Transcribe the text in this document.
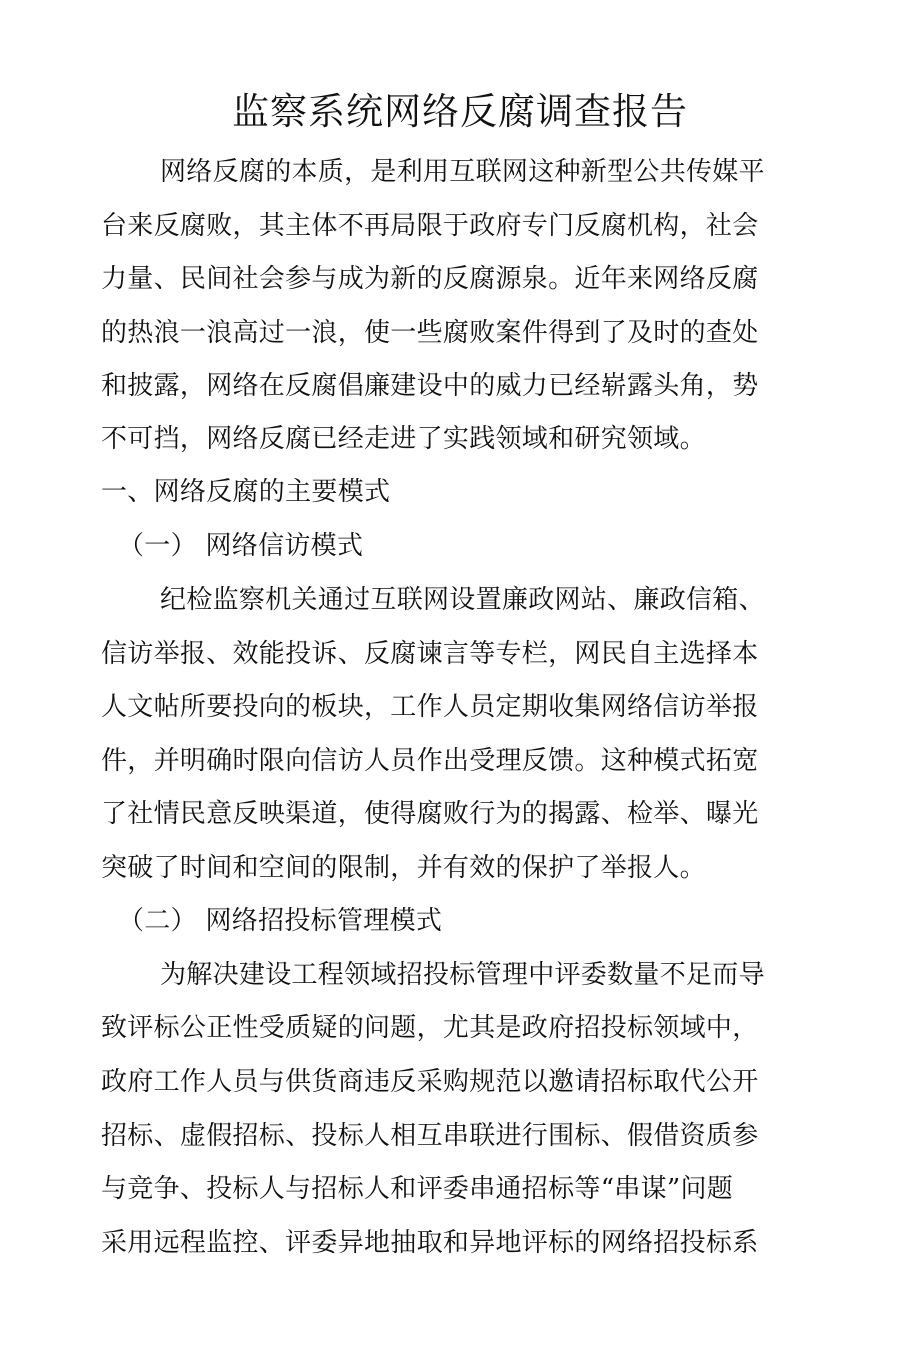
监察系统网络反腐调查报告
网络反腐的本质，是利用互联网这种新型公共传媒平
台来反腐败，其主体不再局限于政府专门反腐机构，社会
力量、民间社会参与成为新的反腐源泉。近年来网络反腐
的热浪一浪高过一浪，使一些腐败案件得到了及时的查处
和披露，网络在反腐倡廉建设中的威力已经崭露头角，势
不可挡，网络反腐已经走进了实践领域和研究领域。
一、网络反腐的主要模式
（一） 网络信访模式
纪检监察机关通过互联网设置廉政网站、廉政信箱、
信访举报、效能投诉、反腐谏言等专栏，网民自主选择本
人文帖所要投向的板块，工作人员定期收集网络信访举报
件，并明确时限向信访人员作出受理反馈。这种模式拓宽
了社情民意反映渠道，使得腐败行为的揭露、检举、曝光
突破了时间和空间的限制，并有效的保护了举报人。
（二） 网络招投标管理模式
为解决建设工程领域招投标管理中评委数量不足而导
致评标公正性受质疑的问题，尤其是政府招投标领域中，
政府工作人员与供货商违反采购规范以邀请招标取代公开
招标、虚假招标、投标人相互串联进行围标、假借资质参
与竞争、投标人与招标人和评委串通招标等“串谋”问题
采用远程监控、评委异地抽取和异地评标的网络招投标系
